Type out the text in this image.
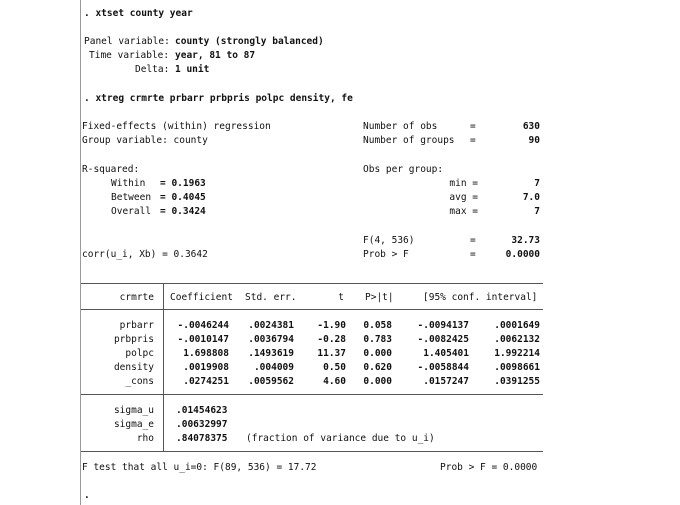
. xtset county year
Panel variable: county (strongly balanced)
Time variable: year, 81 to 87
Delta: 1 unit
. xtreg crmrte prbarr prbpris polpc density, fe
Fixed-effects (within) regression
Group variable: county
Number of obs	=	630
Number of groups =	90
R-squared:
Within = 0.1963
Between = 0.4045
Overall = 0.3424
Obs per group:
min =	7
avg =	7.0
max =	7
F(4, 536)	=	32.73
corr(u_i, Xb) = 0.3642	Prob > F	=	0.0000
crmrte Coefficient Std. err.	t P>|t|	[95% conf. interval]
prbarr	-.0046244	.0024381	-1.90	0.058	-.0094137	.0001649
prbpris	-.0010147	.0036794	-0.28	0.783	-.0082425	.0062132
polpc	1.698808	.1493619	11.37	0.000	1.405401	1.992214
density	.0019908	.004009	0.50	0.620	-.0058844	.0098661
_cons	.0274251	.0059562	4.60	0.000	.0157247	.0391255
sigma_u .01454623
sigma_e .00632997
rho .84078375 (fraction of variance due to u_i)
F test that all u_i=0: F(89, 536) = 17.72	Prob > F = 0.0000
.
